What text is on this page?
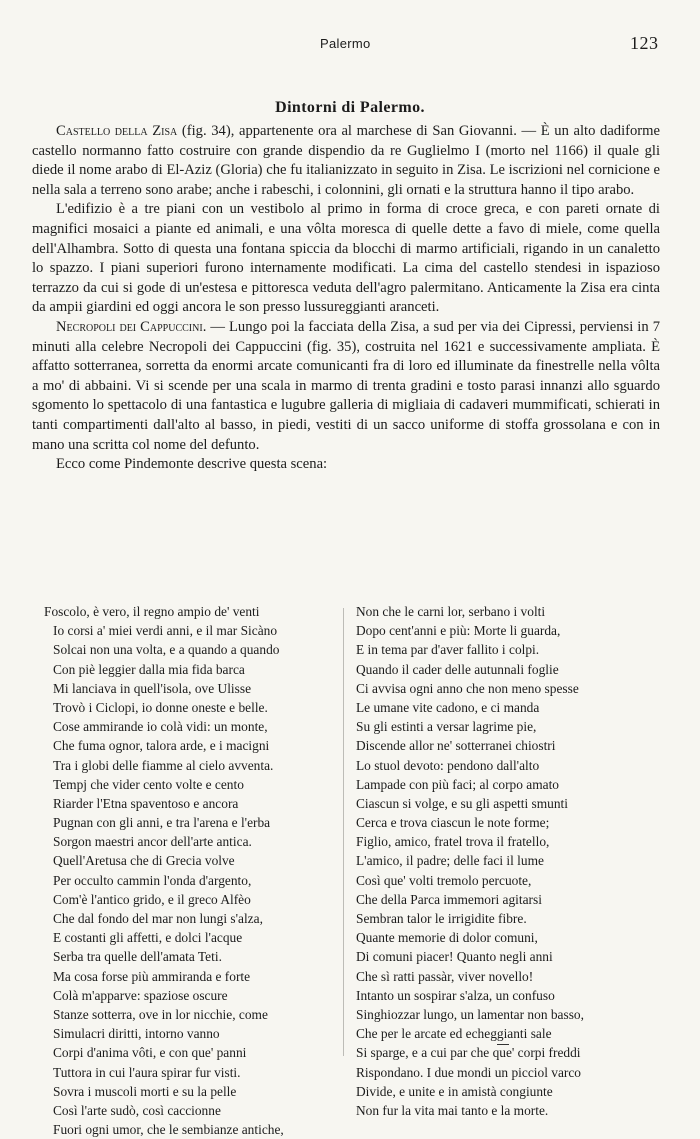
Palermo	123
Dintorni di Palermo.

Castello della Zisa (fig. 34), appartenente ora al marchese di San Giovanni. — È un alto dadiforme castello normanno fatto costruire con grande dispendio da re Guglielmo I (morto nel 1166) il quale gli diede il nome arabo di El-Aziz (Gloria) che fu italianizzato in seguito in Zisa. Le iscrizioni nel cornicione e nella sala a terreno sono arabe; anche i rabeschi, i colonnini, gli ornati e la struttura hanno il tipo arabo.

L'edifizio è a tre piani con un vestibolo al primo in forma di croce greca, e con pareti ornate di magnifici mosaici a piante ed animali, e una vôlta moresca di quelle dette a favo di miele, come quella dell'Alhambra. Sotto di questa una fontana spiccia da blocchi di marmo artificiali, rigando in un canaletto lo spazzo. I piani superiori furono internamente modificati. La cima del castello stendesi in ispazioso terrazzo da cui si gode di un'estesa e pittoresca veduta dell'agro palermitano. Anticamente la Zisa era cinta da ampii giardini ed oggi ancora le son presso lussureggianti aranceti.

Necropoli dei Cappuccini. — Lungo poi la facciata della Zisa, a sud per via dei Cipressi, perviensi in 7 minuti alla celebre Necropoli dei Cappuccini (fig. 35), costruita nel 1621 e successivamente ampliata. È affatto sotterranea, sorretta da enormi arcate comunicanti fra di loro ed illuminate da finestrelle nella vôlta a mo' di abbaini. Vi si scende per una scala in marmo di trenta gradini e tosto parasi innanzi allo sguardo sgomento lo spettacolo di una fantastica e lugubre galleria di migliaia di cadaveri mummificati, schierati in tanti compartimenti dall'alto al basso, in piedi, vestiti di un sacco uniforme di stoffa grossolana e con in mano una scritta col nome del defunto.

Ecco come Pindemonte descrive questa scena:

Foscolo, è vero, il regno ampio de' venti
Io corsi a' miei verdi anni, e il mar Sicàno
Solcai non una volta, e a quando a quando
Con piè leggier dalla mia fida barca
Mi lanciava in quell'isola, ove Ulisse
Trovò i Ciclopi, io donne oneste e belle.
Cose ammirande io colà vidi: un monte,
Che fuma ognor, talora arde, e i macigni
Tra i globi delle fiamme al cielo avventa.
Tempj che vider cento volte e cento
Riarder l'Etna spaventoso e ancora
Pugnan con gli anni, e tra l'arena e l'erba
Sorgon maestri ancor dell'arte antica.
Quell'Aretusa che di Grecia volve
Per occulto cammin l'onda d'argento,
Com'è l'antico grido, e il greco Alfèo
Che dal fondo del mar non lungi s'alza,
E costanti gli affetti, e dolci l'acque
Serba tra quelle dell'amata Teti.
Ma cosa forse più ammiranda e forte
Colà m'apparve: spaziose oscure
Stanze sotterra, ove in lor nicchie, come
Simulacri diritti, intorno vanno
Corpi d'anima vôti, e con que' panni
Tuttora in cui l'aura spirar fur visti.
Sovra i muscoli morti e su la pelle
Così l'arte sudò, così caccionne
Fuori ogni umor, che le sembianze antiche,
Non che le carni lor, serbano i volti
Dopo cent'anni e più: Morte li guarda,
E in tema par d'aver fallito i colpi.
Quando il cader delle autunnali foglie
Ci avvisa ogni anno che non meno spesse
Le umane vite cadono, e ci manda
Su gli estinti a versar lagrime pie,
Discende allor ne' sotterranei chiostri
Lo stuol devoto: pendono dall'alto
Lampade con più faci; al corpo amato
Ciascun si volge, e su gli aspetti smunti
Cerca e trova ciascun le note forme;
Figlio, amico, fratel trova il fratello,
L'amico, il padre; delle faci il lume
Così que' volti tremolo percuote,
Che della Parca immemori agitarsi
Sembran talor le irrigidite fibre.
Quante memorie di dolor comuni,
Di comuni piacer! Quanto negli anni
Che sì ratti passàr, viver novello!
Intanto un sospirar s'alza, un confuso
Singhiozzar lungo, un lamentar non basso,
Che per le arcate ed echeggianti sale
Si sparge, e a cui par che que' corpi freddi
Rispondano. I due mondi un picciol varco
Divide, e unite e in amistà congiunte
Non fur la vita mai tanto e la morte.
